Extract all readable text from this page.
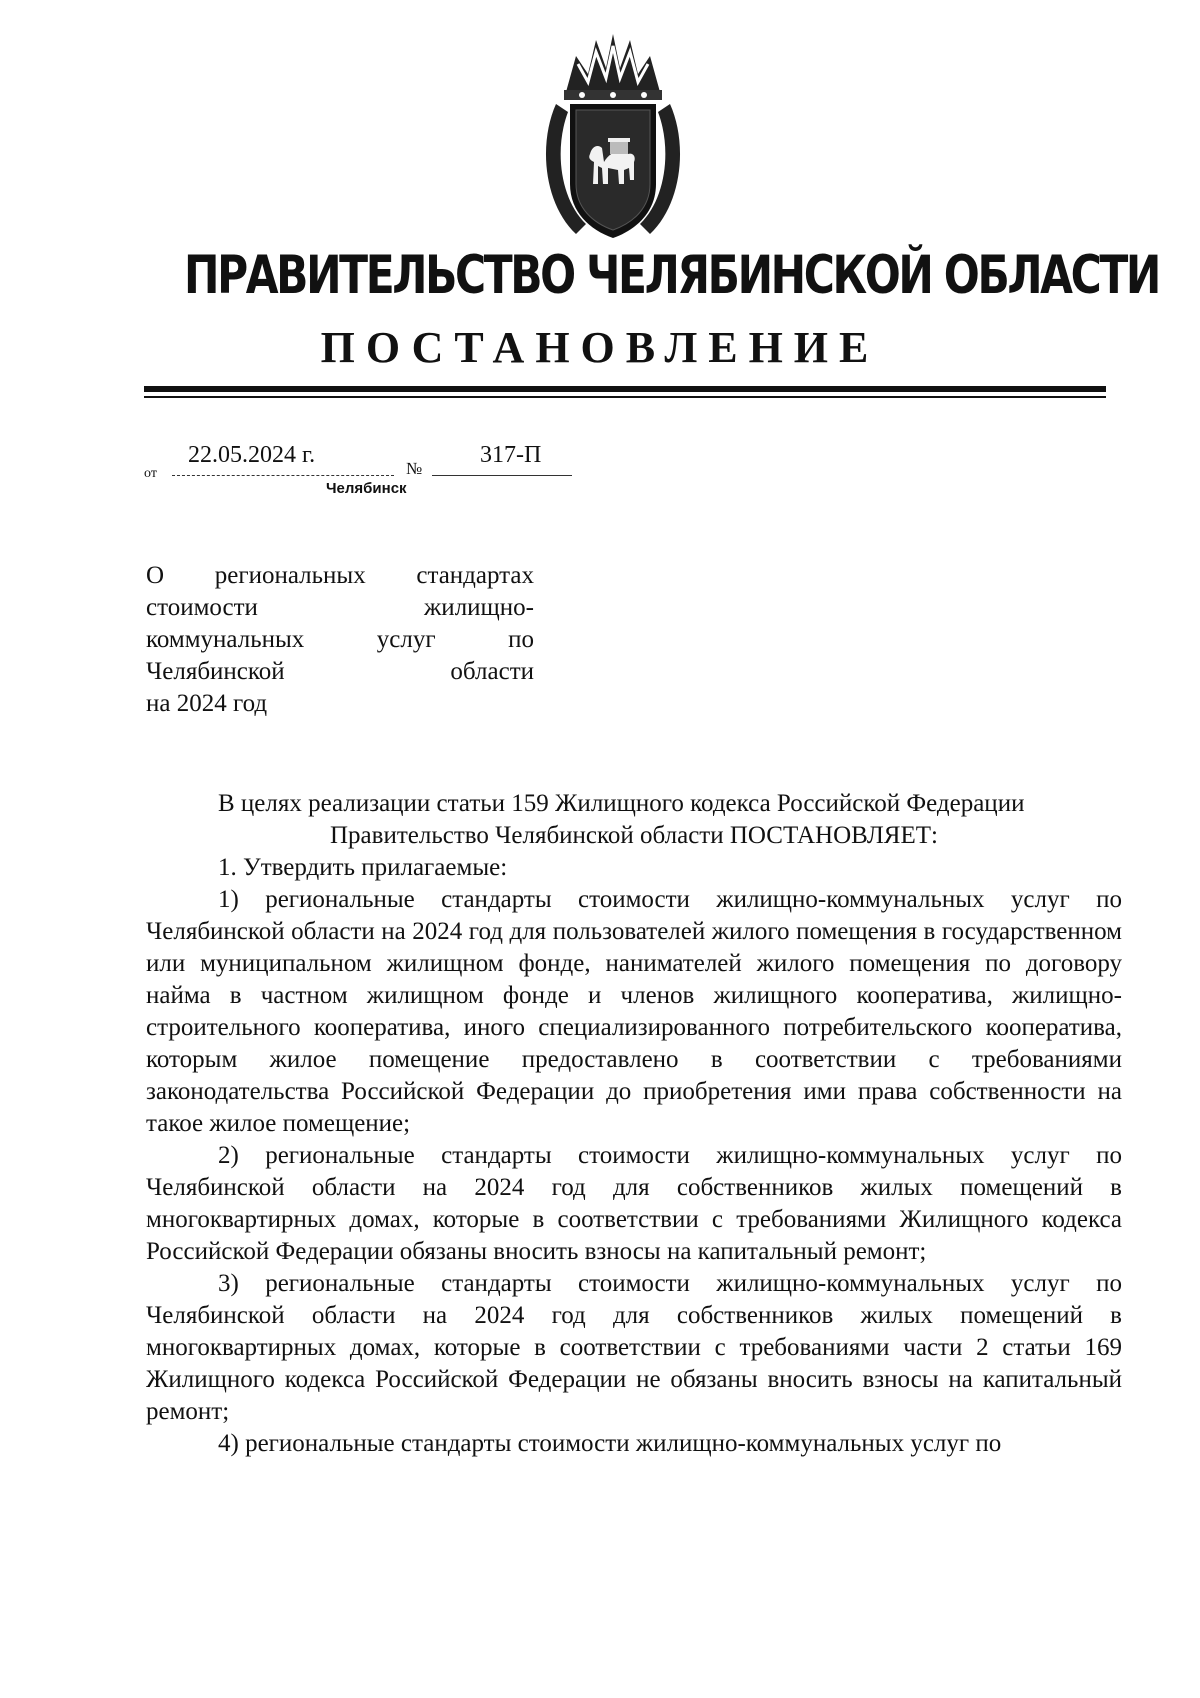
ПРАВИТЕЛЬСТВО ЧЕЛЯБИНСКОЙ ОБЛАСТИ
ПОСТАНОВЛЕНИЕ
от
22.05.2024 г.
№
317-П
Челябинск
О региональных стандартах
стоимости жилищно-
коммунальных услуг по
Челябинской области
на 2024 год

В целях реализации статьи 159 Жилищного кодекса Российской Федерации

Правительство Челябинской области ПОСТАНОВЛЯЕТ:

1. Утвердить прилагаемые:

1) региональные стандарты стоимости жилищно-коммунальных услуг по Челябинской области на 2024 год для пользователей жилого помещения в государственном или муниципальном жилищном фонде, нанимателей жилого помещения по договору найма в частном жилищном фонде и членов жилищного кооператива, жилищно-строительного кооператива, иного специализированного потребительского кооператива, которым жилое помещение предоставлено в соответствии с требованиями законодательства Российской Федерации до приобретения ими права собственности на такое жилое помещение;

2) региональные стандарты стоимости жилищно-коммунальных услуг по Челябинской области на 2024 год для собственников жилых помещений в многоквартирных домах, которые в соответствии с требованиями Жилищного кодекса Российской Федерации обязаны вносить взносы на капитальный ремонт;

3) региональные стандарты стоимости жилищно-коммунальных услуг по Челябинской области на 2024 год для собственников жилых помещений в многоквартирных домах, которые в соответствии с требованиями части 2 статьи 169 Жилищного кодекса Российской Федерации не обязаны вносить взносы на капитальный ремонт;

4) региональные стандарты стоимости жилищно-коммунальных услуг по
